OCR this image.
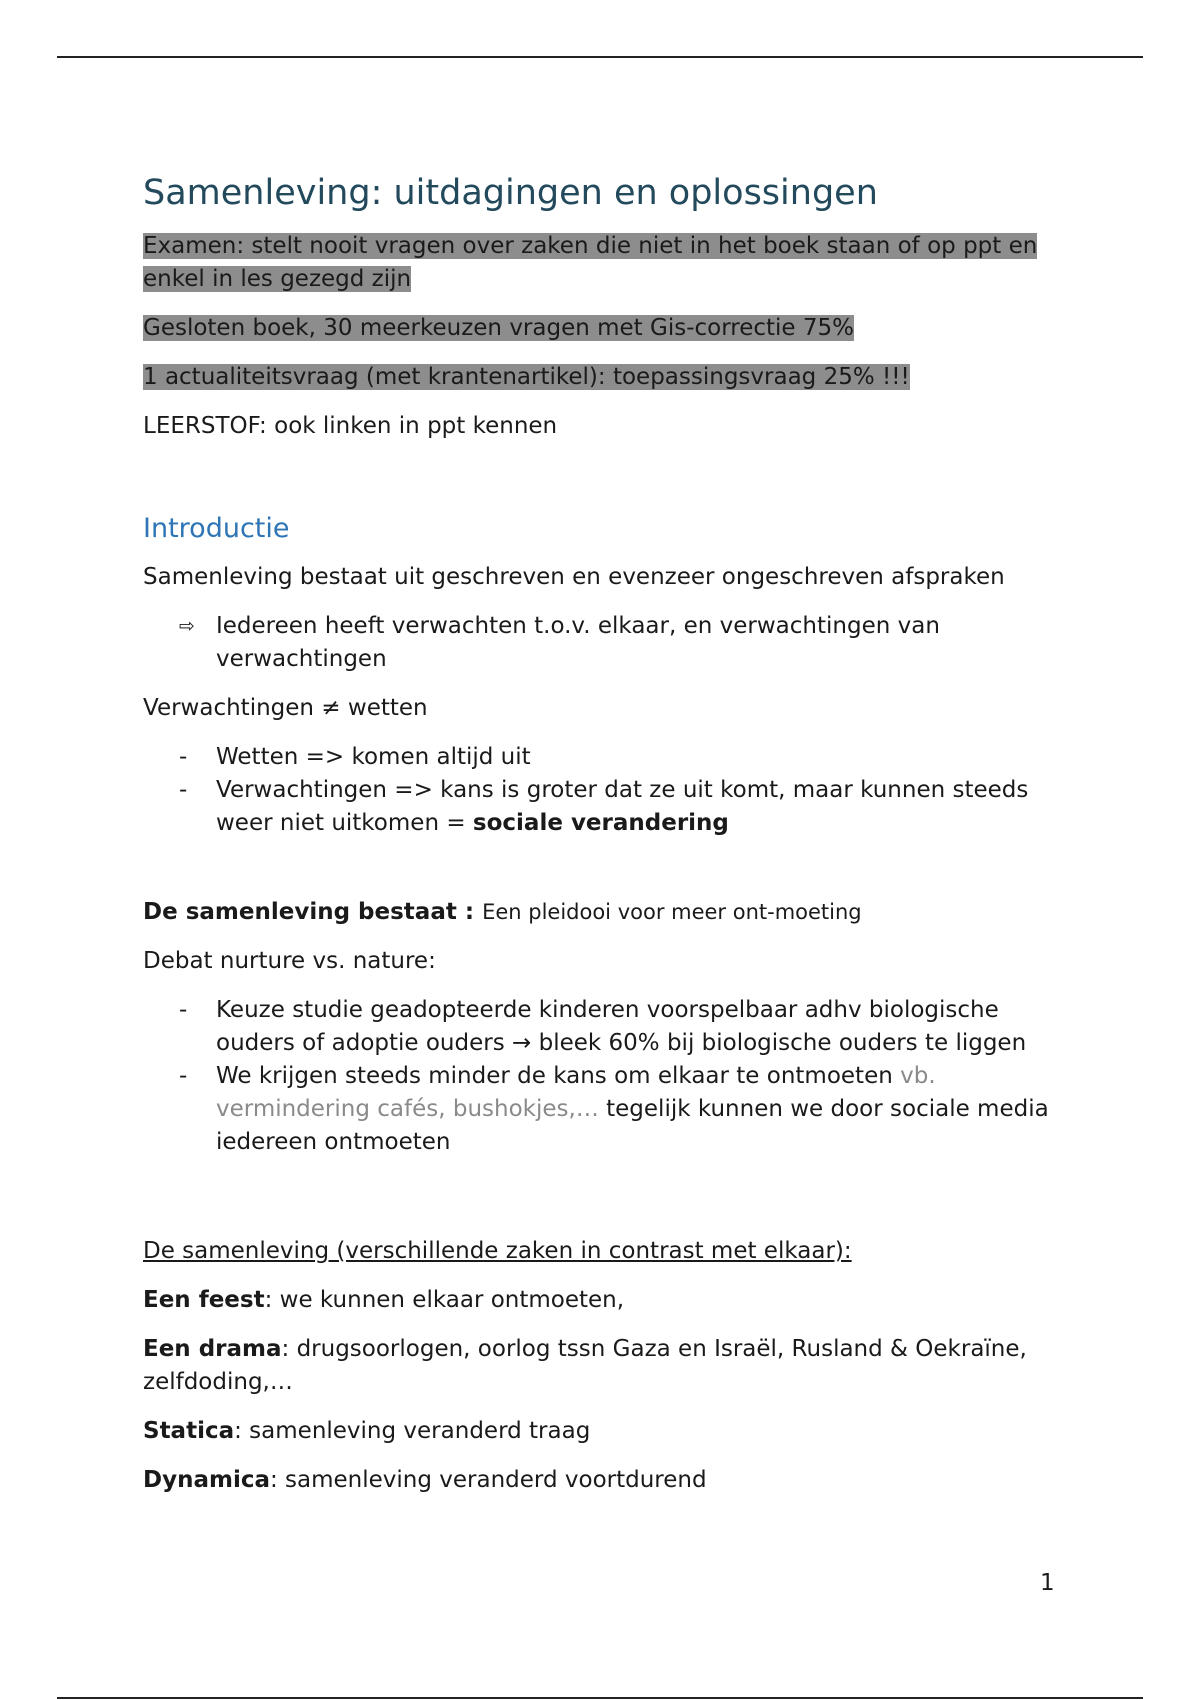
Samenleving: uitdagingen en oplossingen

Examen: stelt nooit vragen over zaken die niet in het boek staan of op ppt en enkel in les gezegd zijn

Gesloten boek, 30 meerkeuzen vragen met Gis-correctie 75%

1 actualiteitsvraag (met krantenartikel): toepassingsvraag 25% !!!

LEERSTOF: ook linken in ppt kennen

Introductie

Samenleving bestaat uit geschreven en evenzeer ongeschreven afspraken

⇨ Iedereen heeft verwachten t.o.v. elkaar, en verwachtingen van verwachtingen

Verwachtingen ≠ wetten

- Wetten => komen altijd uit
- Verwachtingen => kans is groter dat ze uit komt, maar kunnen steeds weer niet uitkomen = sociale verandering

De samenleving bestaat : Een pleidooi voor meer ont-moeting

Debat nurture vs. nature:

- Keuze studie geadopteerde kinderen voorspelbaar adhv biologische ouders of adoptie ouders → bleek 60% bij biologische ouders te liggen
- We krijgen steeds minder de kans om elkaar te ontmoeten vb. vermindering cafés, bushokjes,… tegelijk kunnen we door sociale media iedereen ontmoeten

De samenleving (verschillende zaken in contrast met elkaar):

Een feest: we kunnen elkaar ontmoeten,

Een drama: drugsoorlogen, oorlog tssn Gaza en Israël, Rusland & Oekraïne, zelfdoding,…

Statica: samenleving veranderd traag

Dynamica: samenleving veranderd voortdurend

1
